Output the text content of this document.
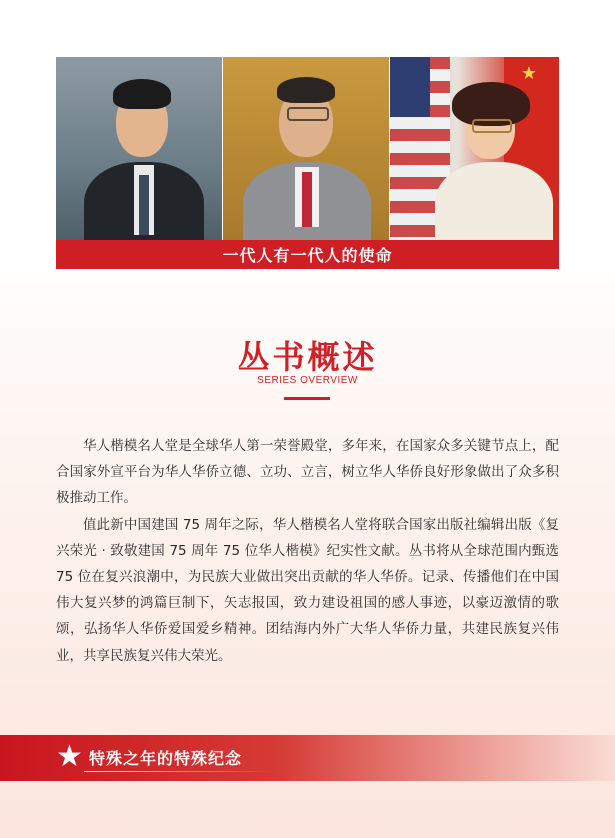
★
一代人有一代人的使命
丛书概述
SERIES OVERVIEW

华人楷模名人堂是全球华人第一荣誉殿堂，多年来，在国家众多关键节点上，配合国家外宣平台为华人华侨立德、立功、立言，树立华人华侨良好形象做出了众多积极推动工作。

值此新中国建国 75 周年之际，华人楷模名人堂将联合国家出版社编辑出版《复兴荣光 · 致敬建国 75 周年 75 位华人楷模》纪实性文献。丛书将从全球范围内甄选 75 位在复兴浪潮中，为民族大业做出突出贡献的华人华侨。记录、传播他们在中国伟大复兴梦的鸿篇巨制下，矢志报国，致力建设祖国的感人事迹，以豪迈激情的歌颂，弘扬华人华侨爱国爱乡精神。团结海内外广大华人华侨力量，共建民族复兴伟业，共享民族复兴伟大荣光。

★ 特殊之年的特殊纪念
